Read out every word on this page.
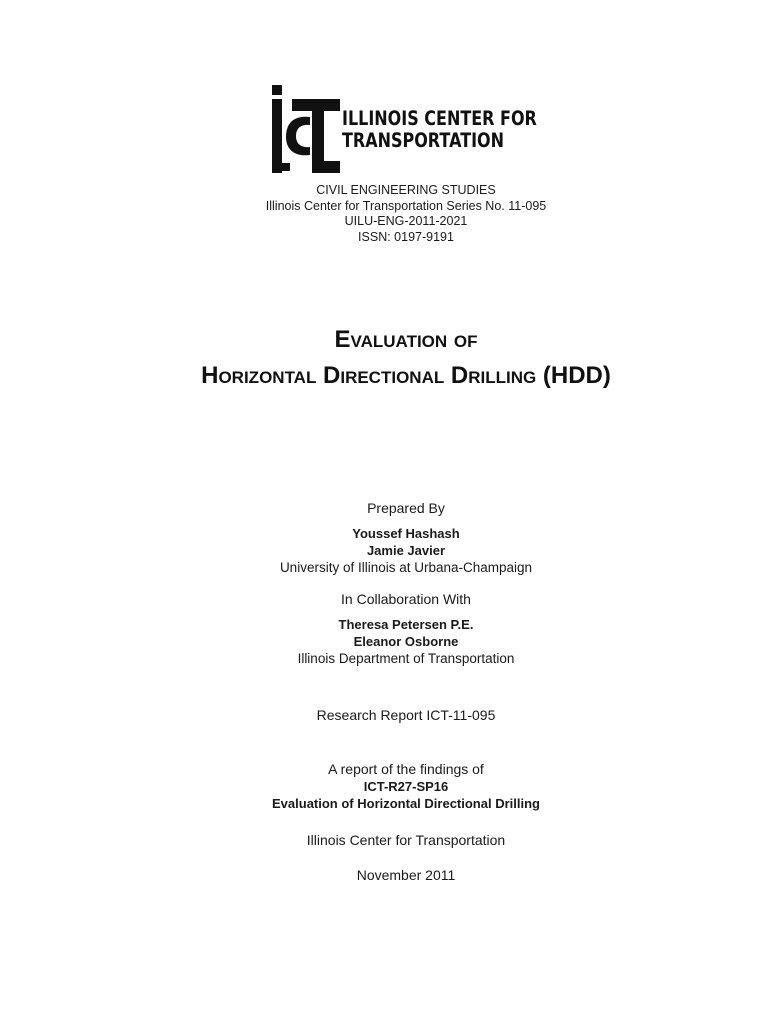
ILLINOIS CENTER FOR
TRANSPORTATION
CIVIL ENGINEERING STUDIES
Illinois Center for Transportation Series No. 11-095
UILU-ENG-2011-2021
ISSN: 0197-9191
Evaluation of
Horizontal Directional Drilling (HDD)
Prepared By
Youssef Hashash
Jamie Javier
University of Illinois at Urbana-Champaign
In Collaboration With
Theresa Petersen P.E.
Eleanor Osborne
Illinois Department of Transportation
Research Report ICT-11-095
A report of the findings of
ICT-R27-SP16
Evaluation of Horizontal Directional Drilling
Illinois Center for Transportation
November 2011
